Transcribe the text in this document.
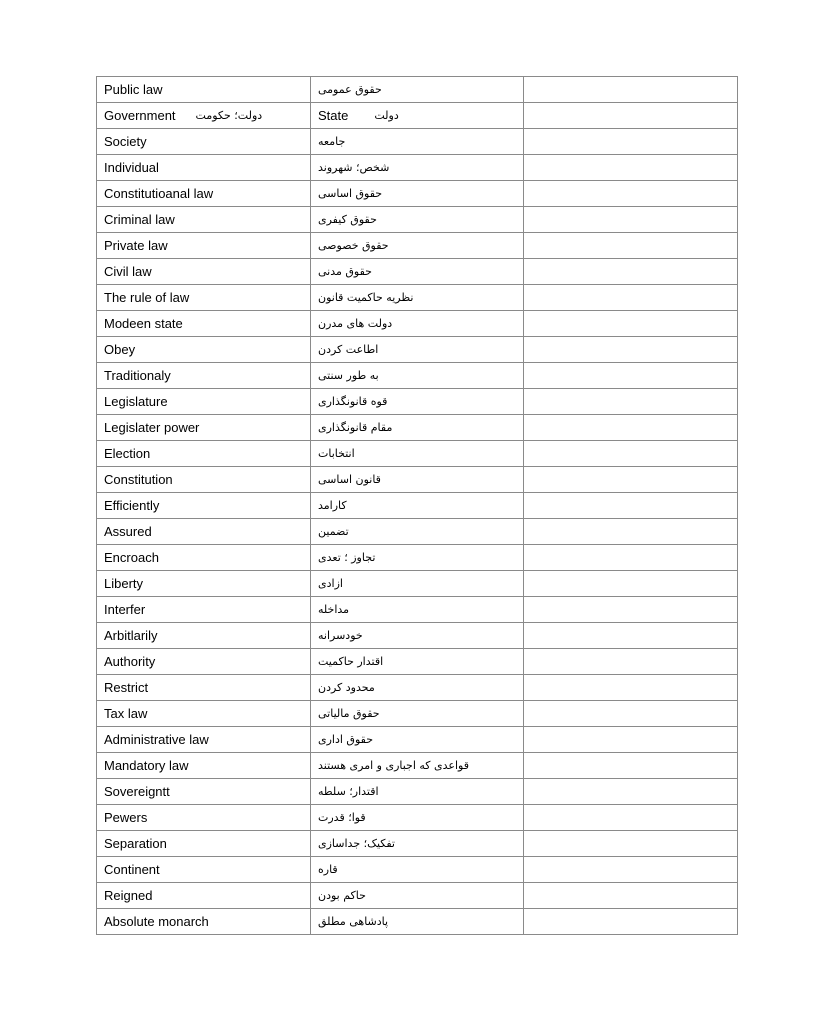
Public law	حقوق عمومی	

Government دولت؛ حکومت	State دولت	

Society	جامعه	

Individual	شخص؛ شهروند	

Constitutioanal law	حقوق اساسی	

Criminal law	حقوق کیفری	

Private law	حقوق خصوصی	

Civil law	حقوق مدنی	

The rule of law	نظریه حاکمیت قانون	

Modeen state	دولت های مدرن	

Obey	اطاعت کردن	

Traditionaly	به طور سنتی	

Legislature	قوه قانونگذاری	

Legislater power	مقام قانونگذاری	

Election	انتخابات	

Constitution	قانون اساسی	

Efficiently	کارامد	

Assured	تضمین	

Encroach	تجاوز ؛ تعدی	

Liberty	ازادی	

Interfer	مداخله	

Arbitlarily	خودسرانه	

Authority	اقتدار حاکمیت	

Restrict	محدود کردن	

Tax law	حقوق مالیاتی	

Administrative law	حقوق اداری	

Mandatory law	قواعدی که اجباری و امری هستند	

Sovereigntt	اقتدار؛ سلطه	

Pewers	قوا؛ قدرت	

Separation	تفکیک؛ جداسازی	

Continent	قاره	

Reigned	حاکم بودن	

Absolute monarch	پادشاهی مطلق	
